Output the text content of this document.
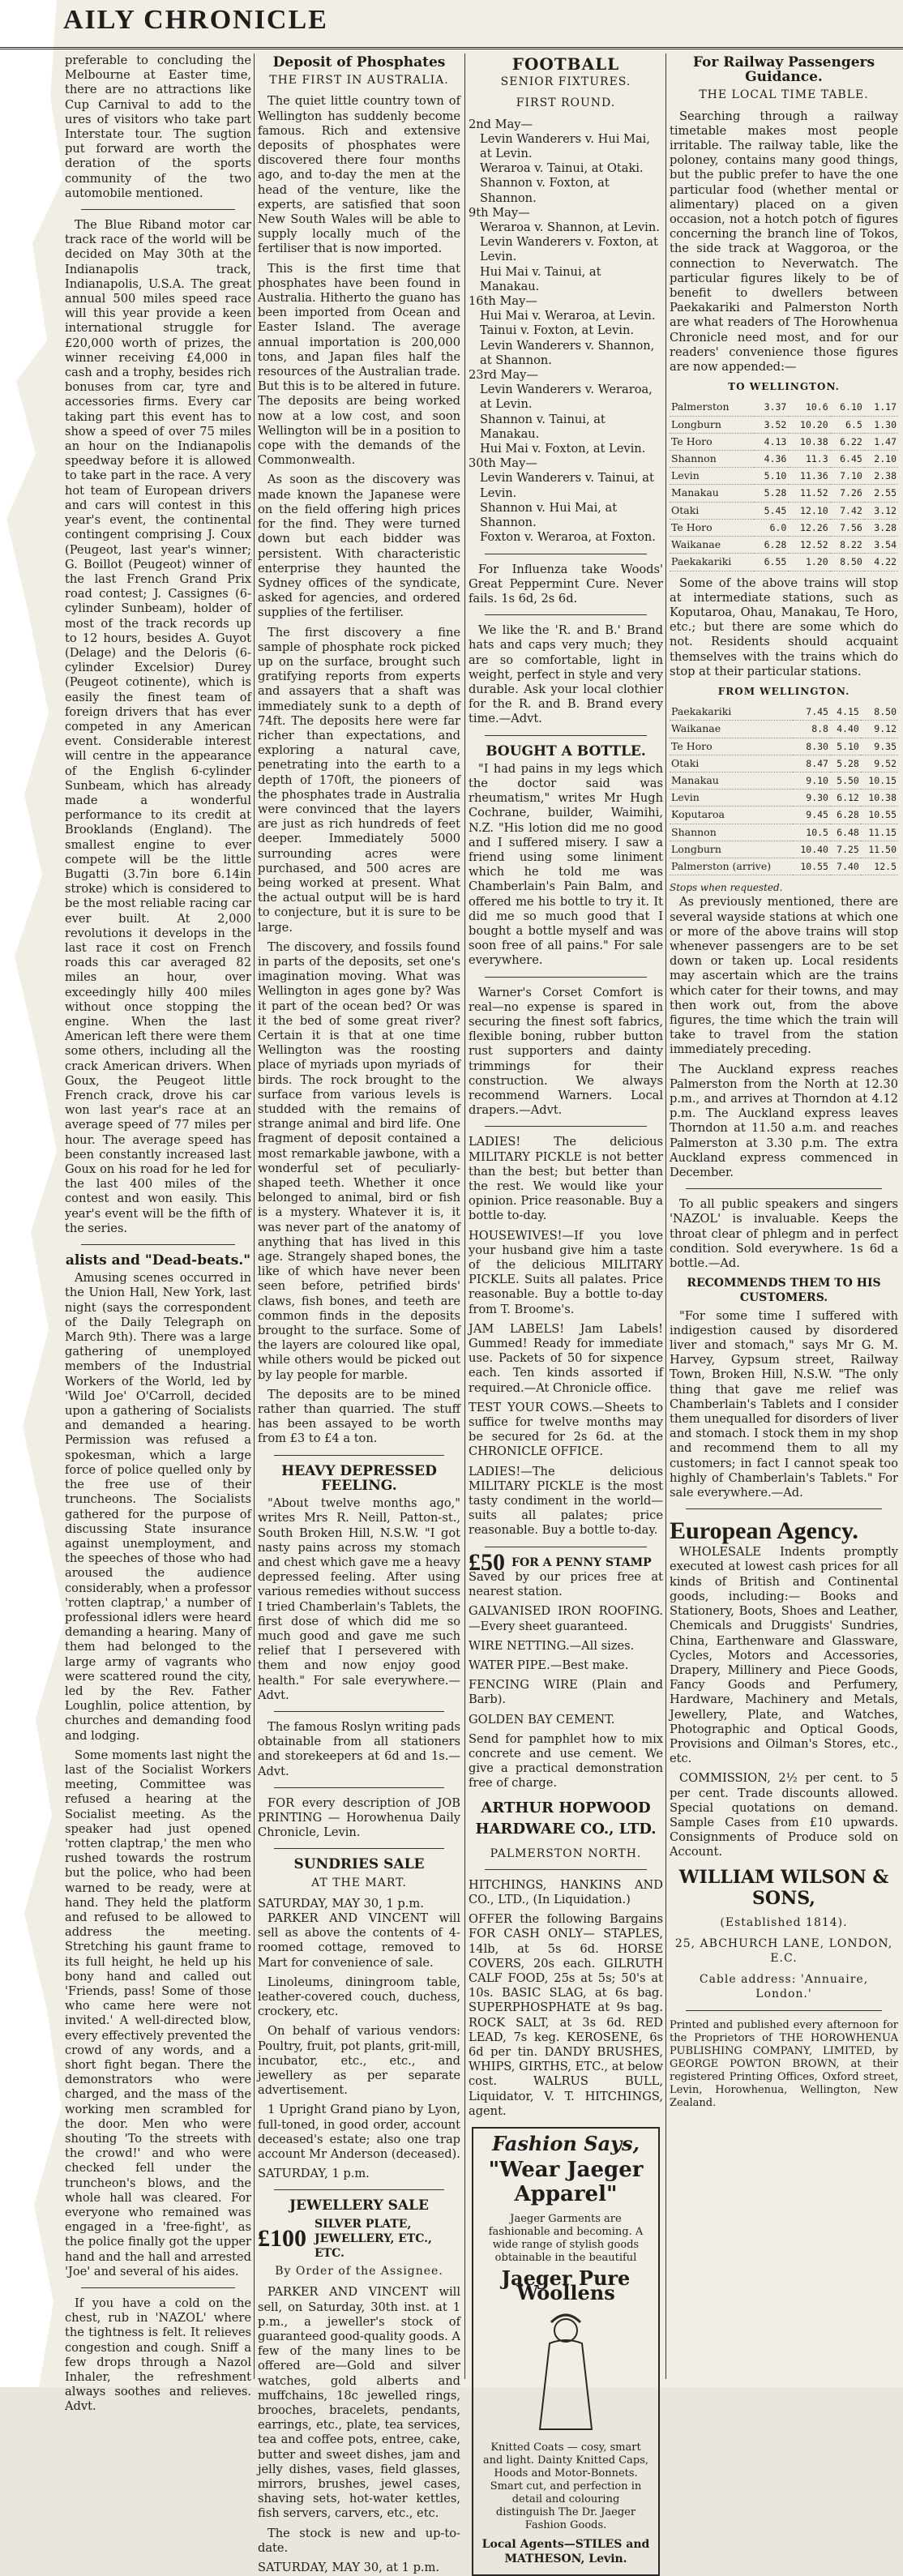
AILY CHRONICLE

preferable to concluding the Melbourne at Easter time, there are no attractions like Cup Carnival to add to the ures of visitors who take part Interstate tour. The sugtion put forward are worth the deration of the sports community of the two automobile mentioned.

The Blue Riband motor car track race of the world will be decided on May 30th at the Indianapolis track, Indianapolis, U.S.A. The great annual 500 miles speed race will this year provide a keen international struggle for £20,000 worth of prizes, the winner receiving £4,000 in cash and a trophy, besides rich bonuses from car, tyre and accessories firms. Every car taking part this event has to show a speed of over 75 miles an hour on the Indianapolis speedway before it is allowed to take part in the race. A very hot team of European drivers and cars will contest in this year's event, the continental contingent comprising J. Coux (Peugeot, last year's winner; G. Boillot (Peugeot) winner of the last French Grand Prix road contest; J. Cassignes (6-cylinder Sunbeam), holder of most of the track records up to 12 hours, besides A. Guyot (Delage) and the Deloris (6-cylinder Excelsior) Durey (Peugeot cotinente), which is easily the finest team of foreign drivers that has ever competed in any American event. Considerable interest will centre in the appearance of the English 6-cylinder Sunbeam, which has already made a wonderful performance to its credit at Brooklands (England). The smallest engine to ever compete will be the little Bugatti (3.7in bore 6.14in stroke) which is considered to be the most reliable racing car ever built. At 2,000 revolutions it develops in the last race it cost on French roads this car averaged 82 miles an hour, over exceedingly hilly 400 miles without once stopping the engine. When the last American left there were them some others, including all the crack American drivers. When Goux, the Peugeot little French crack, drove his car won last year's race at an average speed of 77 miles per hour. The average speed has been constantly increased last Goux on his road for he led for the last 400 miles of the contest and won easily. This year's event will be the fifth of the series.

alists and "Dead-beats."

Amusing scenes occurred in the Union Hall, New York, last night (says the correspondent of the Daily Telegraph on March 9th). There was a large gathering of unemployed members of the Industrial Workers of the World, led by 'Wild Joe' O'Carroll, decided upon a gathering of Socialists and demanded a hearing. Permission was refused a spokesman, which a large force of police quelled only by the free use of their truncheons. The Socialists gathered for the purpose of discussing State insurance against unemployment, and the speeches of those who had aroused the audience considerably, when a professor 'rotten claptrap,' a number of professional idlers were heard demanding a hearing. Many of them had belonged to the large army of vagrants who were scattered round the city, led by the Rev. Father Loughlin, police attention, by churches and demanding food and lodging.

Some moments last night the last of the Socialist Workers meeting, Committee was refused a hearing at the Socialist meeting. As the speaker had just opened 'rotten claptrap,' the men who rushed towards the rostrum but the police, who had been warned to be ready, were at hand. They held the platform and refused to be allowed to address the meeting. Stretching his gaunt frame to its full height, he held up his bony hand and called out 'Friends, pass! Some of those who came here were not invited.' A well-directed blow, every effectively prevented the crowd of any words, and a short fight began. There the demonstrators who were charged, and the mass of the working men scrambled for the door. Men who were shouting 'To the streets with the crowd!' and who were checked fell under the truncheon's blows, and the whole hall was cleared. For everyone who remained was engaged in a 'free-fight', as the police finally got the upper hand and the hall and arrested 'Joe' and several of his aides.

If you have a cold on the chest, rub in 'NAZOL' where the tightness is felt. It relieves congestion and cough. Sniff a few drops through a Nazol Inhaler, the refreshment always soothes and relieves. Advt.

Deposit of Phosphates
THE FIRST IN AUSTRALIA.

The quiet little country town of Wellington has suddenly become famous. Rich and extensive deposits of phosphates were discovered there four months ago, and to-day the men at the head of the venture, like the experts, are satisfied that soon New South Wales will be able to supply locally much of the fertiliser that is now imported.

This is the first time that phosphates have been found in Australia. Hitherto the guano has been imported from Ocean and Easter Island. The average annual importation is 200,000 tons, and Japan files half the resources of the Australian trade. But this is to be altered in future. The deposits are being worked now at a low cost, and soon Wellington will be in a position to cope with the demands of the Commonwealth.

As soon as the discovery was made known the Japanese were on the field offering high prices for the find. They were turned down but each bidder was persistent. With characteristic enterprise they haunted the Sydney offices of the syndicate, asked for agencies, and ordered supplies of the fertiliser.

The first discovery a fine sample of phosphate rock picked up on the surface, brought such gratifying reports from experts and assayers that a shaft was immediately sunk to a depth of 74ft. The deposits here were far richer than expectations, and exploring a natural cave, penetrating into the earth to a depth of 170ft, the pioneers of the phosphates trade in Australia were convinced that the layers are just as rich hundreds of feet deeper. Immediately 5000 surrounding acres were purchased, and 500 acres are being worked at present. What the actual output will be is hard to conjecture, but it is sure to be large.

The discovery, and fossils found in parts of the deposits, set one's imagination moving. What was Wellington in ages gone by? Was it part of the ocean bed? Or was it the bed of some great river? Certain it is that at one time Wellington was the roosting place of myriads upon myriads of birds. The rock brought to the surface from various levels is studded with the remains of strange animal and bird life. One fragment of deposit contained a most remarkable jawbone, with a wonderful set of peculiarly-shaped teeth. Whether it once belonged to animal, bird or fish is a mystery. Whatever it is, it was never part of the anatomy of anything that has lived in this age. Strangely shaped bones, the like of which have never been seen before, petrified birds' claws, fish bones, and teeth are common finds in the deposits brought to the surface. Some of the layers are coloured like opal, while others would be picked out by lay people for marble.

The deposits are to be mined rather than quarried. The stuff has been assayed to be worth from £3 to £4 a ton.

HEAVY DEPRESSED FEELING.

"About twelve months ago," writes Mrs R. Neill, Patton-st., South Broken Hill, N.S.W. "I got nasty pains across my stomach and chest which gave me a heavy depressed feeling. After using various remedies without success I tried Chamberlain's Tablets, the first dose of which did me so much good and gave me such relief that I persevered with them and now enjoy good health." For sale everywhere.—Advt.

The famous Roslyn writing pads obtainable from all stationers and storekeepers at 6d and 1s.—Advt.

FOR every description of JOB PRINTING — Horowhenua Daily Chronicle, Levin.

SUNDRIES SALE
AT THE MART.
SATURDAY, MAY 30, 1 p.m.

PARKER AND VINCENT will sell as above the contents of 4-roomed cottage, removed to Mart for convenience of sale.

Linoleums, diningroom table, leather-covered couch, duchess, crockery, etc.

On behalf of various vendors: Poultry, fruit, pot plants, grit-mill, incubator, etc., etc., and jewellery as per separate advertisement.

1 Upright Grand piano by Lyon, full-toned, in good order, account deceased's estate; also one trap account Mr Anderson (deceased).

SATURDAY, 1 p.m.
JEWELLERY SALE
£100
SILVER PLATE, JEWELLERY, ETC., ETC.
By Order of the Assignee.

PARKER AND VINCENT will sell, on Saturday, 30th inst. at 1 p.m., a jeweller's stock of guaranteed good-quality goods. A few of the many lines to be offered are—Gold and silver watches, gold alberts and muffchains, 18c jewelled rings, brooches, bracelets, pendants, earrings, etc., plate, tea services, tea and coffee pots, entree, cake, butter and sweet dishes, jam and jelly dishes, vases, field glasses, mirrors, brushes, jewel cases, shaving sets, hot-water kettles, fish servers, carvers, etc., etc.

The stock is new and up-to-date.

SATURDAY, MAY 30, at 1 p.m.

FOOTBALL
SENIOR FIXTURES.
FIRST ROUND.
2nd May—
Levin Wanderers v. Hui Mai, at Levin.
Weraroa v. Tainui, at Otaki.
Shannon v. Foxton, at Shannon.
9th May—
Weraroa v. Shannon, at Levin.
Levin Wanderers v. Foxton, at Levin.
Hui Mai v. Tainui, at Manakau.
16th May—
Hui Mai v. Weraroa, at Levin.
Tainui v. Foxton, at Levin.
Levin Wanderers v. Shannon, at Shannon.
23rd May—
Levin Wanderers v. Weraroa, at Levin.
Shannon v. Tainui, at Manakau.
Hui Mai v. Foxton, at Levin.
30th May—
Levin Wanderers v. Tainui, at Levin.
Shannon v. Hui Mai, at Shannon.
Foxton v. Weraroa, at Foxton.

For Influenza take Woods' Great Peppermint Cure. Never fails. 1s 6d, 2s 6d.

We like the 'R. and B.' Brand hats and caps very much; they are so comfortable, light in weight, perfect in style and very durable. Ask your local clothier for the R. and B. Brand every time.—Advt.

BOUGHT A BOTTLE.

"I had pains in my legs which the doctor said was rheumatism," writes Mr Hugh Cochrane, builder, Waimihi, N.Z. "His lotion did me no good and I suffered misery. I saw a friend using some liniment which he told me was Chamberlain's Pain Balm, and offered me his bottle to try it. It did me so much good that I bought a bottle myself and was soon free of all pains." For sale everywhere.

Warner's Corset Comfort is real—no expense is spared in securing the finest soft fabrics, flexible boning, rubber button rust supporters and dainty trimmings for their construction. We always recommend Warners. Local drapers.—Advt.

LADIES! The delicious MILITARY PICKLE is not better than the best; but better than the rest. We would like your opinion. Price reasonable. Buy a bottle to-day.

HOUSEWIVES!—If you love your husband give him a taste of the delicious MILITARY PICKLE. Suits all palates. Price reasonable. Buy a bottle to-day from T. Broome's.

JAM LABELS! Jam Labels! Gummed! Ready for immediate use. Packets of 50 for sixpence each. Ten kinds assorted if required.—At Chronicle office.

TEST YOUR COWS.—Sheets to suffice for twelve months may be secured for 2s 6d. at the CHRONICLE OFFICE.

LADIES!—The delicious MILITARY PICKLE is the most tasty condiment in the world—suits all palates; price reasonable. Buy a bottle to-day.

£50 FOR A PENNY STAMP

Saved by our prices free at nearest station.

GALVANISED IRON ROOFING.—Every sheet guaranteed.

WIRE NETTING.—All sizes.

WATER PIPE.—Best make.

FENCING WIRE (Plain and Barb).

GOLDEN BAY CEMENT.

Send for pamphlet how to mix concrete and use cement. We give a practical demonstration free of charge.

ARTHUR HOPWOOD HARDWARE CO., LTD.
PALMERSTON NORTH.

HITCHINGS, HANKINS AND CO., LTD., (In Liquidation.)

OFFER the following Bargains FOR CASH ONLY— STAPLES, 14lb, at 5s 6d. HORSE COVERS, 20s each. GILRUTH CALF FOOD, 25s at 5s; 50's at 10s. BASIC SLAG, at 6s bag. SUPERPHOSPHATE at 9s bag. ROCK SALT, at 3s 6d. RED LEAD, 7s keg. KEROSENE, 6s 6d per tin. DANDY BRUSHES, WHIPS, GIRTHS, ETC., at below cost. WALRUS BULL, Liquidator, V. T. HITCHINGS, agent.

Fashion Says,
"Wear Jaeger Apparel"
Jaeger Garments are fashionable and becoming. A wide range of stylish goods obtainable in the beautiful
Jaeger Pure Woollens
Knitted Coats — cosy, smart and light. Dainty Knitted Caps, Hoods and Motor-Bonnets. Smart cut, and perfection in detail and colouring distinguish The Dr. Jaeger Fashion Goods.
Local Agents—STILES and MATHESON, Levin.
For Railway Passengers Guidance.
THE LOCAL TIME TABLE.

Searching through a railway timetable makes most people irritable. The railway table, like the poloney, contains many good things, but the public prefer to have the one particular food (whether mental or alimentary) placed on a given occasion, not a hotch potch of figures concerning the branch line of Tokos, the side track at Waggoroa, or the connection to Neverwatch. The particular figures likely to be of benefit to dwellers between Paekakariki and Palmerston North are what readers of The Horowhenua Chronicle need most, and for our readers' convenience those figures are now appended:—

TO WELLINGTON.
Palmerston	3.37	10.6	6.10	1.17
Longburn	3.52	10.20	6.5	1.30
Te Horo	4.13	10.38	6.22	1.47
Shannon	4.36	11.3	6.45	2.10
Levin	5.10	11.36	7.10	2.38
Manakau	5.28	11.52	7.26	2.55
Otaki	5.45	12.10	7.42	3.12
Te Horo	6.0	12.26	7.56	3.28
Waikanae	6.28	12.52	8.22	3.54
Paekakariki	6.55	1.20	8.50	4.22

Some of the above trains will stop at intermediate stations, such as Koputaroa, Ohau, Manakau, Te Horo, etc.; but there are some which do not. Residents should acquaint themselves with the trains which do stop at their particular stations.

FROM WELLINGTON.
Paekakariki	7.45	4.15	8.50
Waikanae	8.8	4.40	9.12
Te Horo	8.30	5.10	9.35
Otaki	8.47	5.28	9.52
Manakau	9.10	5.50	10.15
Levin	9.30	6.12	10.38
Koputaroa	9.45	6.28	10.55
Shannon	10.5	6.48	11.15
Longburn	10.40	7.25	11.50
Palmerston (arrive)	10.55	7.40	12.5
Stops when requested.

As previously mentioned, there are several wayside stations at which one or more of the above trains will stop whenever passengers are to be set down or taken up. Local residents may ascertain which are the trains which cater for their towns, and may then work out, from the above figures, the time which the train will take to travel from the station immediately preceding.

The Auckland express reaches Palmerston from the North at 12.30 p.m., and arrives at Thorndon at 4.12 p.m. The Auckland express leaves Thorndon at 11.50 a.m. and reaches Palmerston at 3.30 p.m. The extra Auckland express commenced in December.

To all public speakers and singers 'NAZOL' is invaluable. Keeps the throat clear of phlegm and in perfect condition. Sold everywhere. 1s 6d a bottle.—Ad.

RECOMMENDS THEM TO HIS CUSTOMERS.

"For some time I suffered with indigestion caused by disordered liver and stomach," says Mr G. M. Harvey, Gypsum street, Railway Town, Broken Hill, N.S.W. "The only thing that gave me relief was Chamberlain's Tablets and I consider them unequalled for disorders of liver and stomach. I stock them in my shop and recommend them to all my customers; in fact I cannot speak too highly of Chamberlain's Tablets." For sale everywhere.—Ad.

European Agency.

WHOLESALE Indents promptly executed at lowest cash prices for all kinds of British and Continental goods, including:— Books and Stationery, Boots, Shoes and Leather, Chemicals and Druggists' Sundries, China, Earthenware and Glassware, Cycles, Motors and Accessories, Drapery, Millinery and Piece Goods, Fancy Goods and Perfumery, Hardware, Machinery and Metals, Jewellery, Plate, and Watches, Photographic and Optical Goods, Provisions and Oilman's Stores, etc., etc.

COMMISSION, 2½ per cent. to 5 per cent. Trade discounts allowed. Special quotations on demand. Sample Cases from £10 upwards. Consignments of Produce sold on Account.

WILLIAM WILSON & SONS,
(Established 1814).
25, ABCHURCH LANE, LONDON, E.C.
Cable address: 'Annuaire, London.'

Printed and published every afternoon for the Proprietors of THE HOROWHENUA PUBLISHING COMPANY, LIMITED, by GEORGE POWTON BROWN, at their registered Printing Offices, Oxford street, Levin, Horowhenua, Wellington, New Zealand.
